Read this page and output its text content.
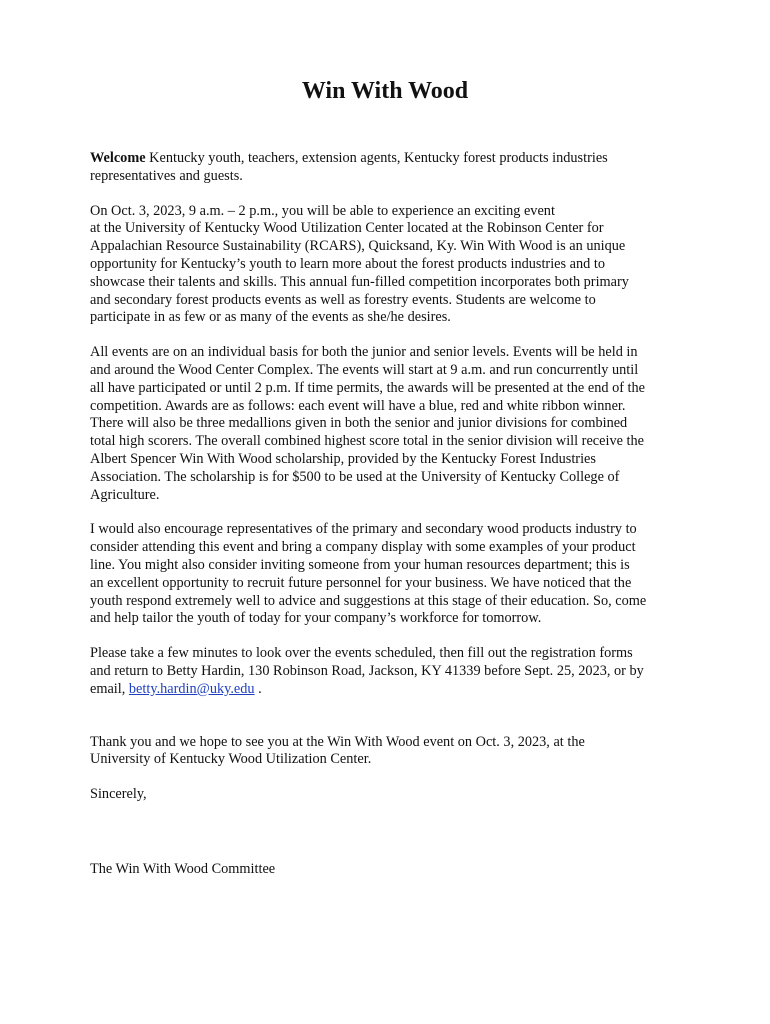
Win With Wood

Welcome Kentucky youth, teachers, extension agents, Kentucky forest products industries
representatives and guests.

On Oct. 3, 2023, 9 a.m. – 2 p.m., you will be able to experience an exciting event
at the University of Kentucky Wood Utilization Center located at the Robinson Center for
Appalachian Resource Sustainability (RCARS), Quicksand, Ky. Win With Wood is an unique
opportunity for Kentucky’s youth to learn more about the forest products industries and to
showcase their talents and skills. This annual fun-filled competition incorporates both primary
and secondary forest products events as well as forestry events. Students are welcome to
participate in as few or as many of the events as she/he desires.

All events are on an individual basis for both the junior and senior levels. Events will be held in
and around the Wood Center Complex. The events will start at 9 a.m. and run concurrently until
all have participated or until 2 p.m. If time permits, the awards will be presented at the end of the
competition. Awards are as follows: each event will have a blue, red and white ribbon winner.
There will also be three medallions given in both the senior and junior divisions for combined
total high scorers. The overall combined highest score total in the senior division will receive the
Albert Spencer Win With Wood scholarship, provided by the Kentucky Forest Industries
Association. The scholarship is for $500 to be used at the University of Kentucky College of
Agriculture.

I would also encourage representatives of the primary and secondary wood products industry to
consider attending this event and bring a company display with some examples of your product
line. You might also consider inviting someone from your human resources department; this is
an excellent opportunity to recruit future personnel for your business. We have noticed that the
youth respond extremely well to advice and suggestions at this stage of their education. So, come
and help tailor the youth of today for your company’s workforce for tomorrow.

Please take a few minutes to look over the events scheduled, then fill out the registration forms
and return to Betty Hardin, 130 Robinson Road, Jackson, KY 41339 before Sept. 25, 2023, or by
email, betty.hardin@uky.edu .

Thank you and we hope to see you at the Win With Wood event on Oct. 3, 2023, at the
University of Kentucky Wood Utilization Center.

Sincerely,

The Win With Wood Committee
